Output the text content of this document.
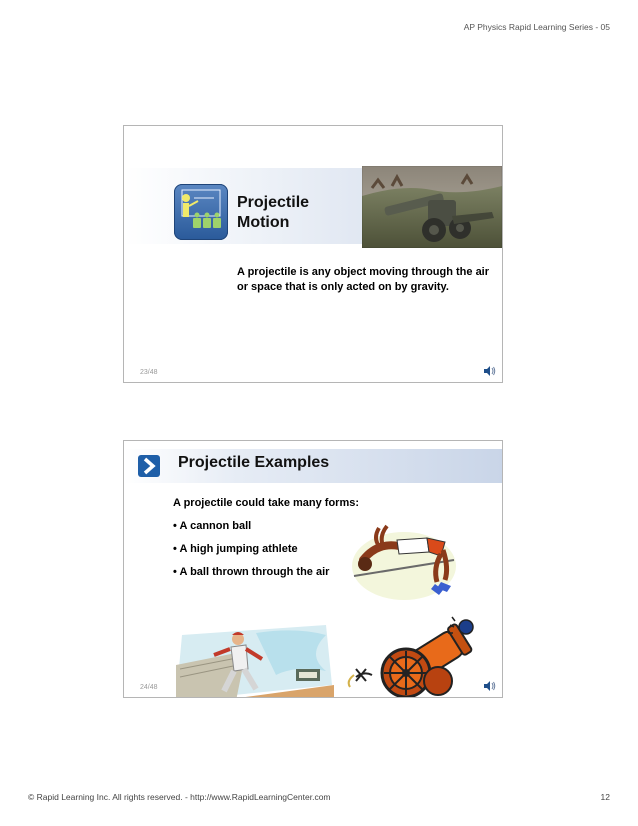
AP Physics Rapid Learning Series - 05
Projectile
Motion
A projectile is any object moving through the air or space that is only acted on by gravity.
23/48
Projectile Examples
A projectile could take many forms:
• A cannon ball
• A high jumping athlete
• A ball thrown through the air
24/48
© Rapid Learning Inc. All rights reserved. - http://www.RapidLearningCenter.com	12
